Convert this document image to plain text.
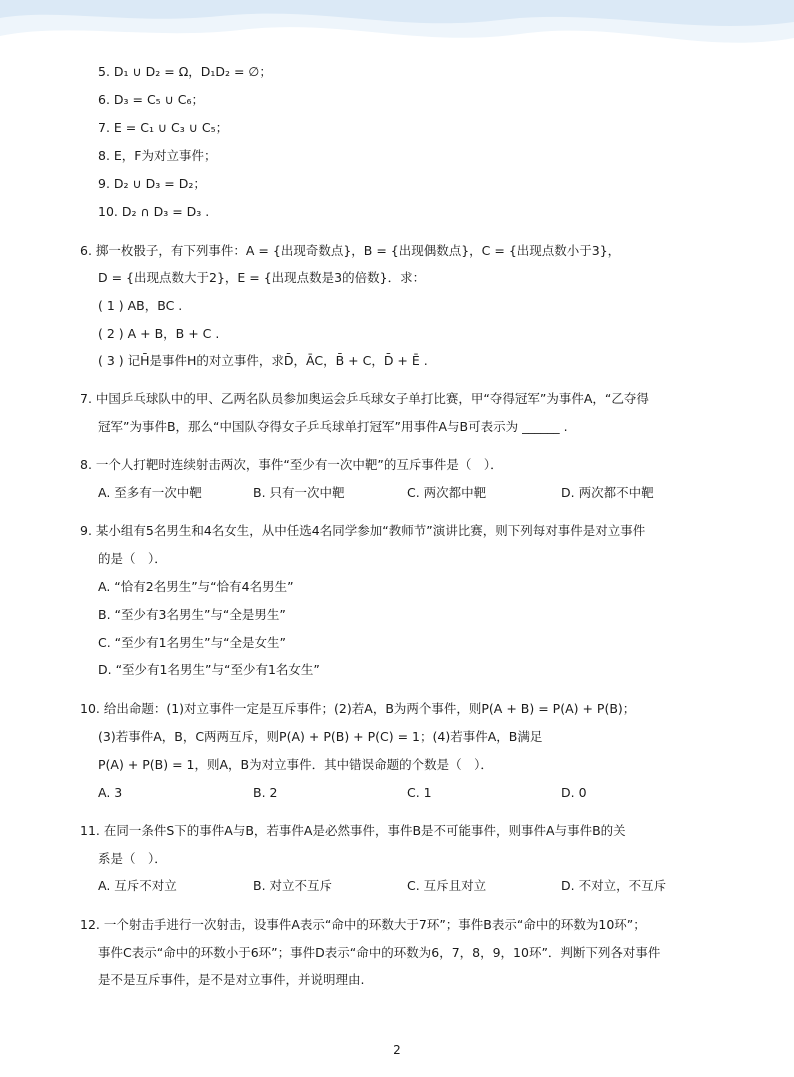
5. D₁ ∪ D₂ = Ω，D₁D₂ = ∅；
6. D₃ = C₅ ∪ C₆；
7. E = C₁ ∪ C₃ ∪ C₅；
8. E，F为对立事件；
9. D₂ ∪ D₃ = D₂；
10. D₂ ∩ D₃ = D₃ .
6. 掷一枚骰子，有下列事件：A = {出现奇数点}，B = {出现偶数点}，C = {出现点数小于3}，
D = {出现点数大于2}，E = {出现点数是3的倍数}．求：
( 1 ) AB，BC .
( 2 ) A + B，B + C .
( 3 ) 记H̄是事件H的对立事件，求D̄，ĀC，B̄ + C，D̄ + Ē .
7. 中国乒乓球队中的甲、乙两名队员参加奥运会乒乓球女子单打比赛，甲“夺得冠军”为事件A，“乙夺得
冠军”为事件B，那么“中国队夺得女子乒乓球单打冠军”用事件A与B可表示为 ______ .
8. 一个人打靶时连续射击两次，事件“至少有一次中靶”的互斥事件是（　）．
A. 至多有一次中靶	B. 只有一次中靶	C. 两次都中靶	D. 两次都不中靶
9. 某小组有5名男生和4名女生，从中任选4名同学参加“教师节”演讲比赛，则下列每对事件是对立事件
的是（　）．
A. “恰有2名男生”与“恰有4名男生”
B. “至少有3名男生”与“全是男生”
C. “至少有1名男生”与“全是女生”
D. “至少有1名男生”与“至少有1名女生”
10. 给出命题：(1)对立事件一定是互斥事件；(2)若A，B为两个事件，则P(A + B) = P(A) + P(B)；
(3)若事件A，B，C两两互斥，则P(A) + P(B) + P(C) = 1；(4)若事件A，B满足
P(A) + P(B) = 1，则A，B为对立事件．其中错误命题的个数是（　）．
A. 3	B. 2	C. 1	D. 0
11. 在同一条件S下的事件A与B，若事件A是必然事件，事件B是不可能事件，则事件A与事件B的关
系是（　）．
A. 互斥不对立	B. 对立不互斥	C. 互斥且对立	D. 不对立，不互斥
12. 一个射击手进行一次射击，设事件A表示“命中的环数大于7环”；事件B表示“命中的环数为10环”；
事件C表示“命中的环数小于6环”；事件D表示“命中的环数为6，7，8，9，10环”．判断下列各对事件
是不是互斥事件，是不是对立事件，并说明理由.
2
